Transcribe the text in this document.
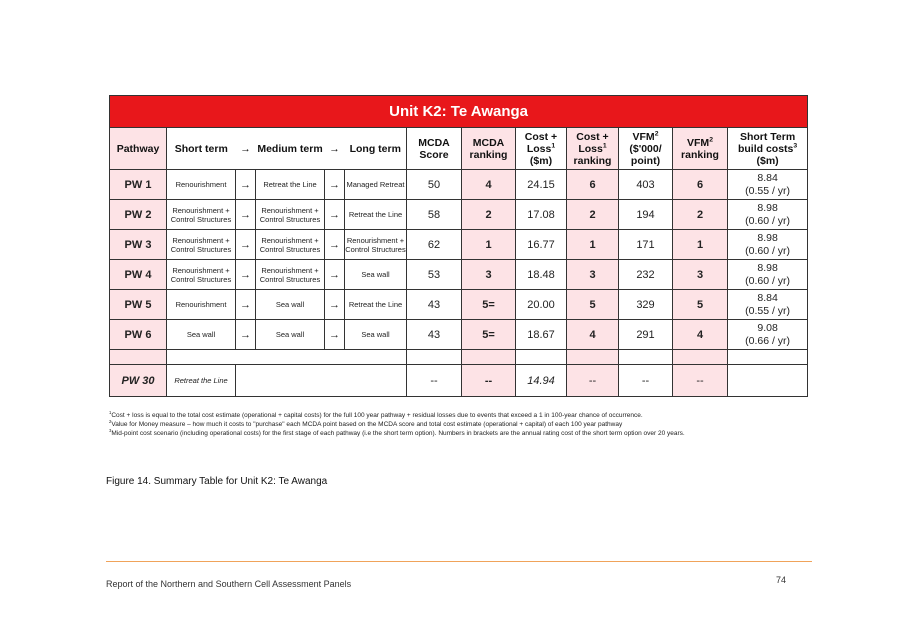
Unit K2: Te Awanga												
Pathway	Short term	→	Medium term	→	Long term	MCDA Score	MCDA ranking	Cost + Loss$^1$ ($m)	Cost + Loss$^1$ ranking	VFM$^2$ ($'000/ point)	VFM$^2$ ranking	Short Term build costs$^3$ ($m)
PW 1	Renourishment	→	Retreat the Line	→	Managed Retreat	50	4	24.15	6	403	6	8.84
(0.55 / yr)
PW 2	Renourishment + Control Structures	→	Renourishment + Control Structures	→	Retreat the Line	58	2	17.08	2	194	2	8.98
(0.60 / yr)
PW 3	Renourishment + Control Structures	→	Renourishment + Control Structures	→	Renourishment + Control Structures	62	1	16.77	1	171	1	8.98
(0.60 / yr)
PW 4	Renourishment + Control Structures	→	Renourishment + Control Structures	→	Sea wall	53	3	18.48	3	232	3	8.98
(0.60 / yr)
PW 5	Renourishment	→	Sea wall	→	Retreat the Line	43	5=	20.00	5	329	5	8.84
(0.55 / yr)
PW 6	Sea wall	→	Sea wall	→	Sea wall	43	5=	18.67	4	291	4	9.08
(0.66 / yr)

PW 30	Retreat the Line					--	--	14.94	--	--	--	

$^1$Cost + loss is equal to the total cost estimate (operational + capital costs) for the full 100 year pathway + residual losses due to events that exceed a 1 in 100-year chance of occurrence.

$^2$Value for Money measure – how much it costs to "purchase" each MCDA point based on the MCDA score and total cost estimate (operational + capital) of each 100 year pathway

$^3$Mid-point cost scenario (including operational costs) for the first stage of each pathway (i.e the short term option). Numbers in brackets are the annual rating cost of the short term option over 20 years.

Figure 14. Summary Table for Unit K2: Te Awanga
Report of the Northern and Southern Cell Assessment Panels	74
